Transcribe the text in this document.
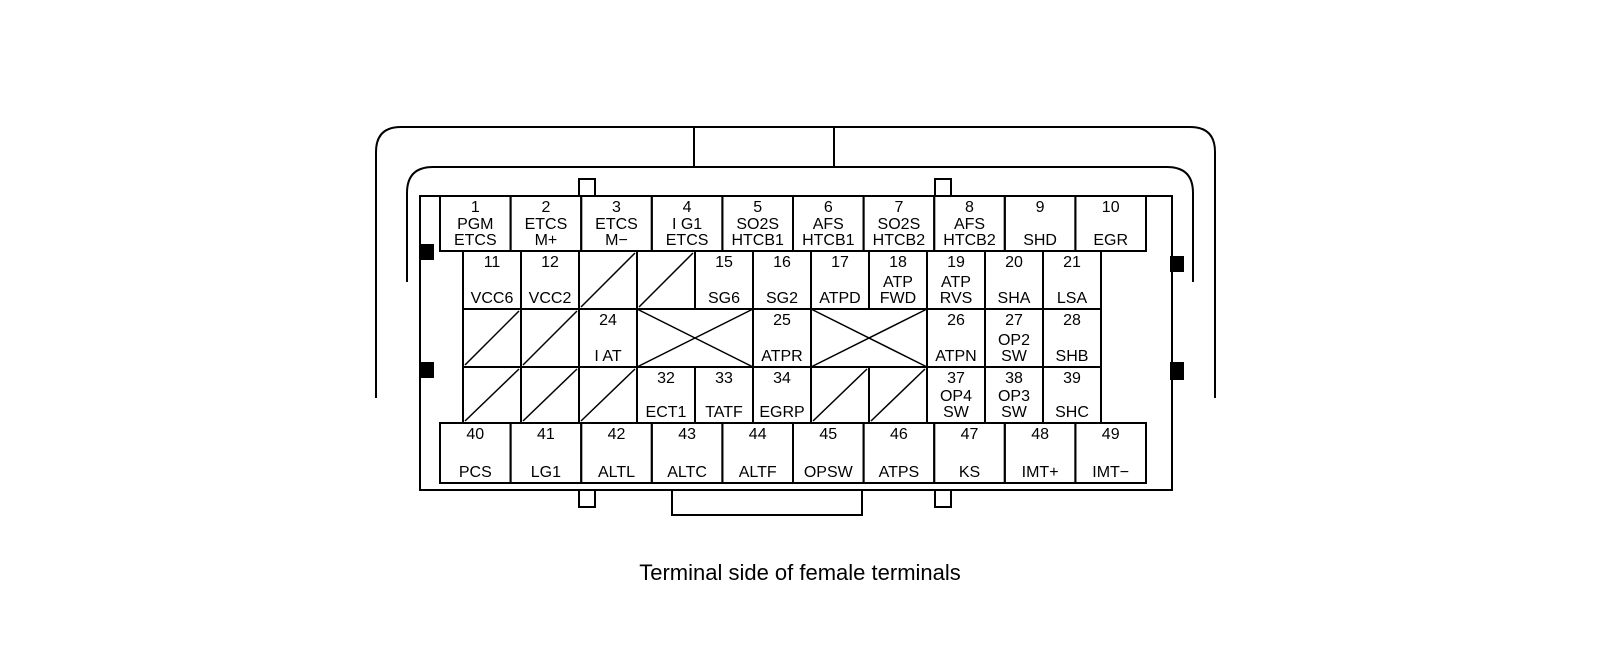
1
PGM
ETCS
2
ETCS
M+
3
ETCS
M−
4
I G1
ETCS
5
SO2S
HTCB1
6
AFS
HTCB1
7
SO2S
HTCB2
8
AFS
HTCB2
9
SHD
10
EGR
11
VCC6
12
VCC2
15
SG6
16
SG2
17
ATPD
18
ATP
FWD
19
ATP
RVS
20
SHA
21
LSA
24
I AT
25
ATPR
26
ATPN
27
OP2
SW
28
SHB
32
ECT1
33
TATF
34
EGRP
37
OP4
SW
38
OP3
SW
39
SHC
40
PCS
41
LG1
42
ALTL
43
ALTC
44
ALTF
45
OPSW
46
ATPS
47
KS
48
IMT+
49
IMT−
Terminal side of female terminals
